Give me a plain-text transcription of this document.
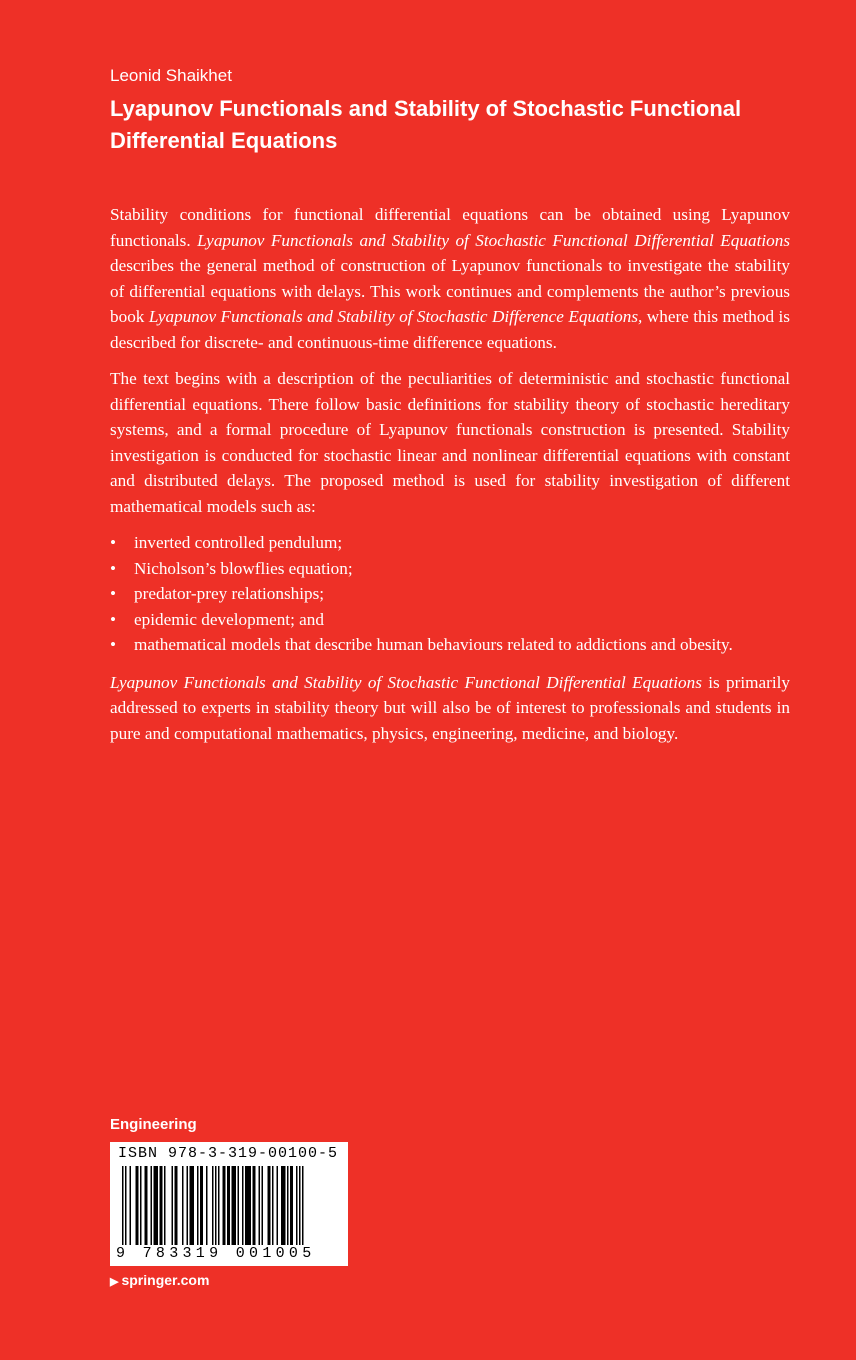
Leonid Shaikhet
Lyapunov Functionals and Stability of Stochastic Functional
Differential Equations

Stability conditions for functional differential equations can be obtained using Lyapunov functionals. Lyapunov Functionals and Stability of Stochastic Functional Differential Equations describes the general method of construction of Lyapunov functionals to investigate the stability of differential equations with delays. This work continues and complements the author’s previous book Lyapunov Functionals and Stability of Stochastic Difference Equations, where this method is described for discrete- and continuous-time difference equations.

The text begins with a description of the peculiarities of deterministic and stochastic functional differential equations. There follow basic definitions for stability theory of stochastic hereditary systems, and a formal procedure of Lyapunov functionals construction is presented. Stability investigation is conducted for stochastic linear and nonlinear differential equations with constant and distributed delays. The proposed method is used for stability investigation of different mathematical models such as:

• inverted controlled pendulum;
• Nicholson’s blowflies equation;
• predator-prey relationships;
• epidemic development; and
• mathematical models that describe human behaviours related to addictions and obesity.

Lyapunov Functionals and Stability of Stochastic Functional Differential Equations is primarily addressed to experts in stability theory but will also be of interest to professionals and students in pure and computational mathematics, physics, engineering, medicine, and biology.

Engineering
ISBN 978-3-319-00100-5
9 783319 001005
▶ springer.com
